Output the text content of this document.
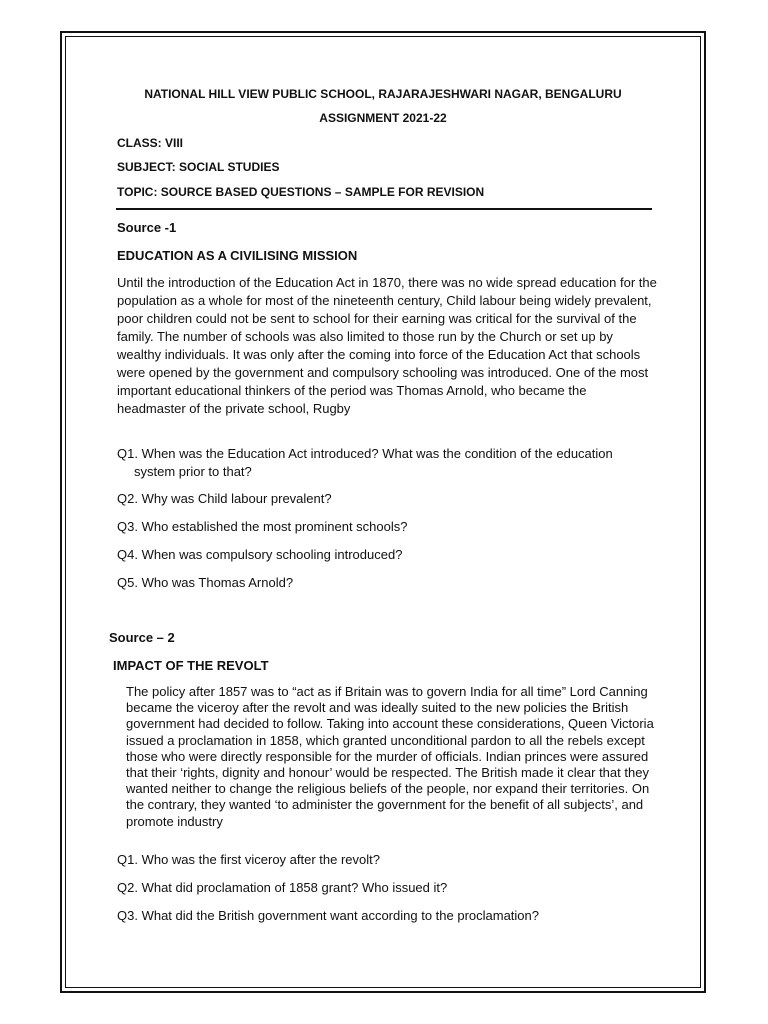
NATIONAL HILL VIEW PUBLIC SCHOOL, RAJARAJESHWARI NAGAR, BENGALURU
ASSIGNMENT 2021-22
CLASS: VIII
SUBJECT: SOCIAL STUDIES
TOPIC: SOURCE BASED QUESTIONS – SAMPLE FOR REVISION
Source -1
EDUCATION AS A CIVILISING MISSION
Until the introduction of the Education Act in 1870, there was no wide spread education for the population as a whole for most of the nineteenth century, Child labour being widely prevalent, poor children could not be sent to school for their earning was critical for the survival of the family. The number of schools was also limited to those run by the Church or set up by wealthy individuals. It was only after the coming into force of the Education Act that schools were opened by the government and compulsory schooling was introduced. One of the most important educational thinkers of the period was Thomas Arnold, who became the headmaster of the private school, Rugby
Q1. When was the Education Act introduced? What was the condition of the education system prior to that?
Q2. Why was Child labour prevalent?
Q3. Who established the most prominent schools?
Q4. When was compulsory schooling introduced?
Q5. Who was Thomas Arnold?
Source – 2
IMPACT OF THE REVOLT
The policy after 1857 was to “act as if Britain was to govern India for all time” Lord Canning became the viceroy after the revolt and was ideally suited to the new policies the British government had decided to follow. Taking into account these considerations, Queen Victoria issued a proclamation in 1858, which granted unconditional pardon to all the rebels except those who were directly responsible for the murder of officials. Indian princes were assured that their ‘rights, dignity and honour’ would be respected. The British made it clear that they wanted neither to change the religious beliefs of the people, nor expand their territories. On the contrary, they wanted ‘to administer the government for the benefit of all subjects’, and promote industry
Q1. Who was the first viceroy after the revolt?
Q2. What did proclamation of 1858 grant? Who issued it?
Q3. What did the British government want according to the proclamation?
